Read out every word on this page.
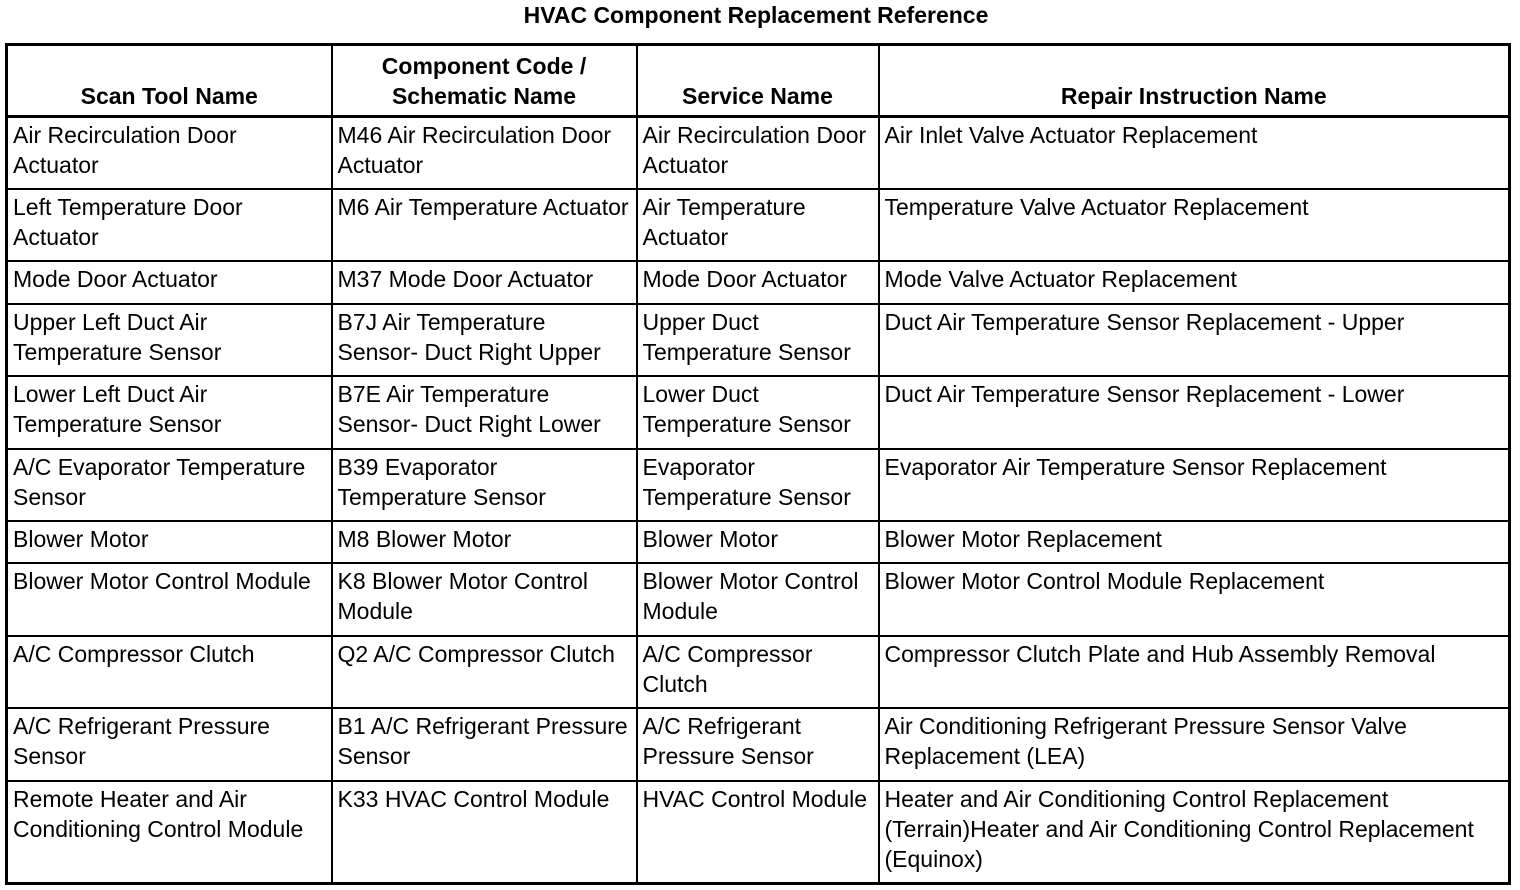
HVAC Component Replacement Reference
Scan Tool Name	Component Code / Schematic Name	Service Name	Repair Instruction Name
Air Recirculation Door Actuator	M46 Air Recirculation Door Actuator	Air Recirculation Door Actuator	Air Inlet Valve Actuator Replacement
Left Temperature Door Actuator	M6 Air Temperature Actuator	Air Temperature Actuator	Temperature Valve Actuator Replacement
Mode Door Actuator	M37 Mode Door Actuator	Mode Door Actuator	Mode Valve Actuator Replacement
Upper Left Duct Air Temperature Sensor	B7J Air Temperature Sensor- Duct Right Upper	Upper Duct Temperature Sensor	Duct Air Temperature Sensor Replacement - Upper
Lower Left Duct Air Temperature Sensor	B7E Air Temperature Sensor- Duct Right Lower	Lower Duct Temperature Sensor	Duct Air Temperature Sensor Replacement - Lower
A/C Evaporator Temperature Sensor	B39 Evaporator Temperature Sensor	Evaporator Temperature Sensor	Evaporator Air Temperature Sensor Replacement
Blower Motor	M8 Blower Motor	Blower Motor	Blower Motor Replacement
Blower Motor Control Module	K8 Blower Motor Control Module	Blower Motor Control Module	Blower Motor Control Module Replacement
A/C Compressor Clutch	Q2 A/C Compressor Clutch	A/C Compressor Clutch	Compressor Clutch Plate and Hub Assembly Removal
A/C Refrigerant Pressure Sensor	B1 A/C Refrigerant Pressure Sensor	A/C Refrigerant Pressure Sensor	Air Conditioning Refrigerant Pressure Sensor Valve Replacement (LEA)
Remote Heater and Air Conditioning Control Module	K33 HVAC Control Module	HVAC Control Module	Heater and Air Conditioning Control Replacement (Terrain)Heater and Air Conditioning Control Replacement (Equinox)
